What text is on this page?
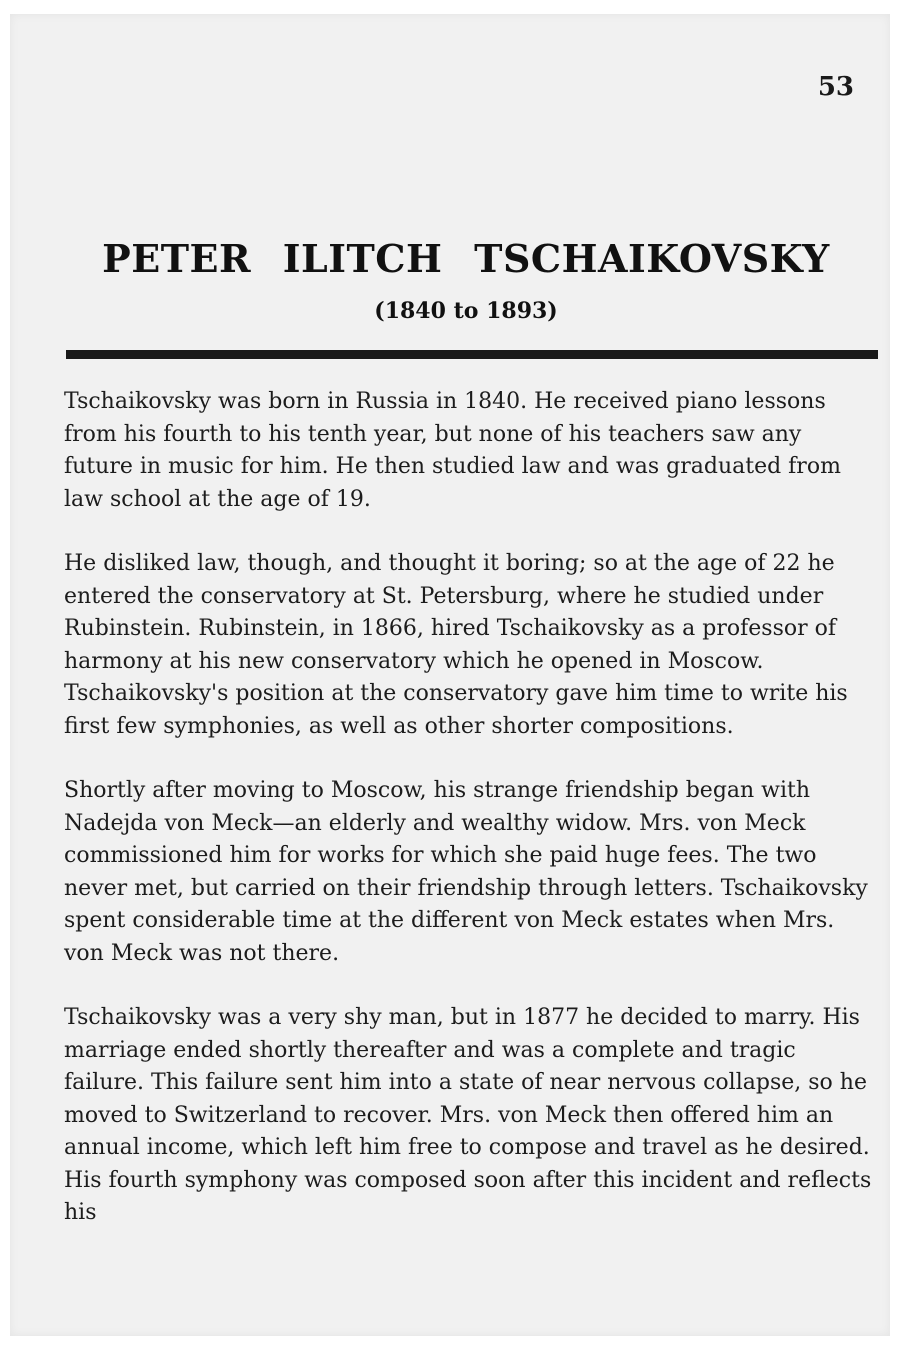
53

PETER ILITCH TSCHAIKOVSKY
(1840 to 1893)

Tschaikovsky was born in Russia in 1840. He received piano lessons from his fourth to his tenth year, but none of his teachers saw any future in music for him. He then studied law and was graduated from law school at the age of 19.

He disliked law, though, and thought it boring; so at the age of 22 he entered the conservatory at St. Petersburg, where he studied under Rubinstein. Rubinstein, in 1866, hired Tschaikovsky as a professor of harmony at his new conservatory which he opened in Moscow. Tschaikovsky's position at the conservatory gave him time to write his first few symphonies, as well as other shorter compositions.

Shortly after moving to Moscow, his strange friendship began with Nadejda von Meck—an elderly and wealthy widow. Mrs. von Meck commissioned him for works for which she paid huge fees. The two never met, but carried on their friendship through letters. Tschaikovsky spent considerable time at the different von Meck estates when Mrs. von Meck was not there.

Tschaikovsky was a very shy man, but in 1877 he decided to marry. His marriage ended shortly thereafter and was a complete and tragic failure. This failure sent him into a state of near nervous collapse, so he moved to Switzerland to recover. Mrs. von Meck then offered him an annual income, which left him free to compose and travel as he desired. His fourth symphony was composed soon after this incident and reflects his
